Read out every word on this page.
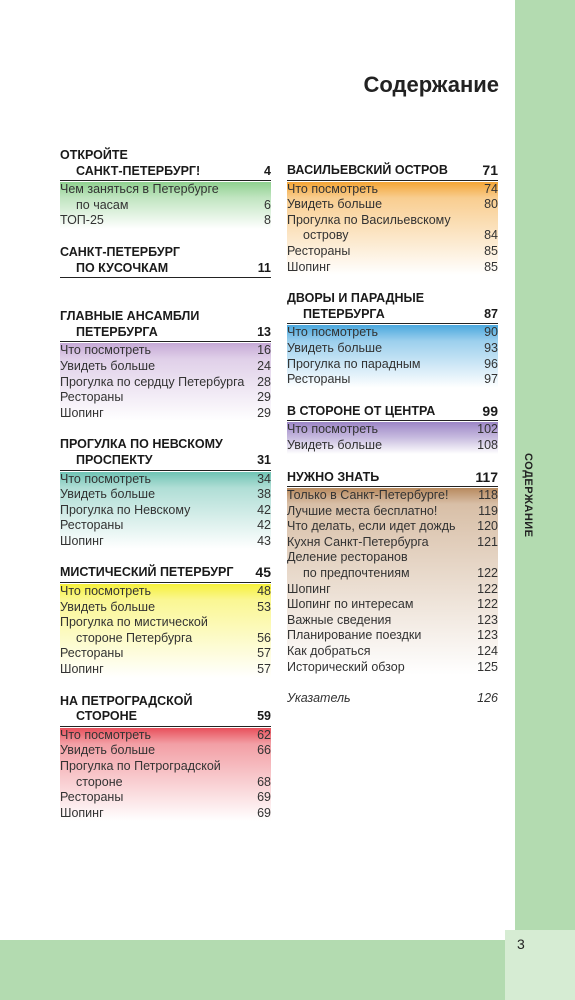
3
СОДЕРЖАНИЕ
Содержание
ОТКРОЙТЕ
САНКТ-ПЕТЕРБУРГ!	4
Чем заняться в Петербурге
по часам	6
ТОП-25	8
САНКТ-ПЕТЕРБУРГ
ПО КУСОЧКАМ	11
ГЛАВНЫЕ АНСАМБЛИ
ПЕТЕРБУРГА	13
Что посмотреть	16
Увидеть больше	24
Прогулка по сердцу Петербурга	28
Рестораны	29
Шопинг	29
ПРОГУЛКА ПО НЕВСКОМУ
ПРОСПЕКТУ	31
Что посмотреть	34
Увидеть больше	38
Прогулка по Невскому	42
Рестораны	42
Шопинг	43
МИСТИЧЕСКИЙ ПЕТЕРБУРГ 45
Что посмотреть	48
Увидеть больше	53
Прогулка по мистической
стороне Петербурга	56
Рестораны	57
Шопинг	57
НА ПЕТРОГРАДСКОЙ
СТОРОНЕ	59
Что посмотреть	62
Увидеть больше	66
Прогулка по Петроградской
стороне	68
Рестораны	69
Шопинг	69
ВАСИЛЬЕВСКИЙ ОСТРОВ 71
Что посмотреть	74
Увидеть больше	80
Прогулка по Васильевскому
острову	84
Рестораны	85
Шопинг	85
ДВОРЫ И ПАРАДНЫЕ
ПЕТЕРБУРГА	87
Что посмотреть	90
Увидеть больше	93
Прогулка по парадным	96
Рестораны	97
В СТОРОНЕ ОТ ЦЕНТРА	99
Что посмотреть	102
Увидеть больше	108
НУЖНО ЗНАТЬ	117
Только в Санкт-Петербурге! 118
Лучшие места бесплатно!	119
Что делать, если идет дождь 120
Кухня Санкт-Петербурга	121
Деление ресторанов
по предпочтениям	122
Шопинг	122
Шопинг по интересам	122
Важные сведения	123
Планирование поездки	123
Как добраться	124
Исторический обзор	125
Указатель	126
